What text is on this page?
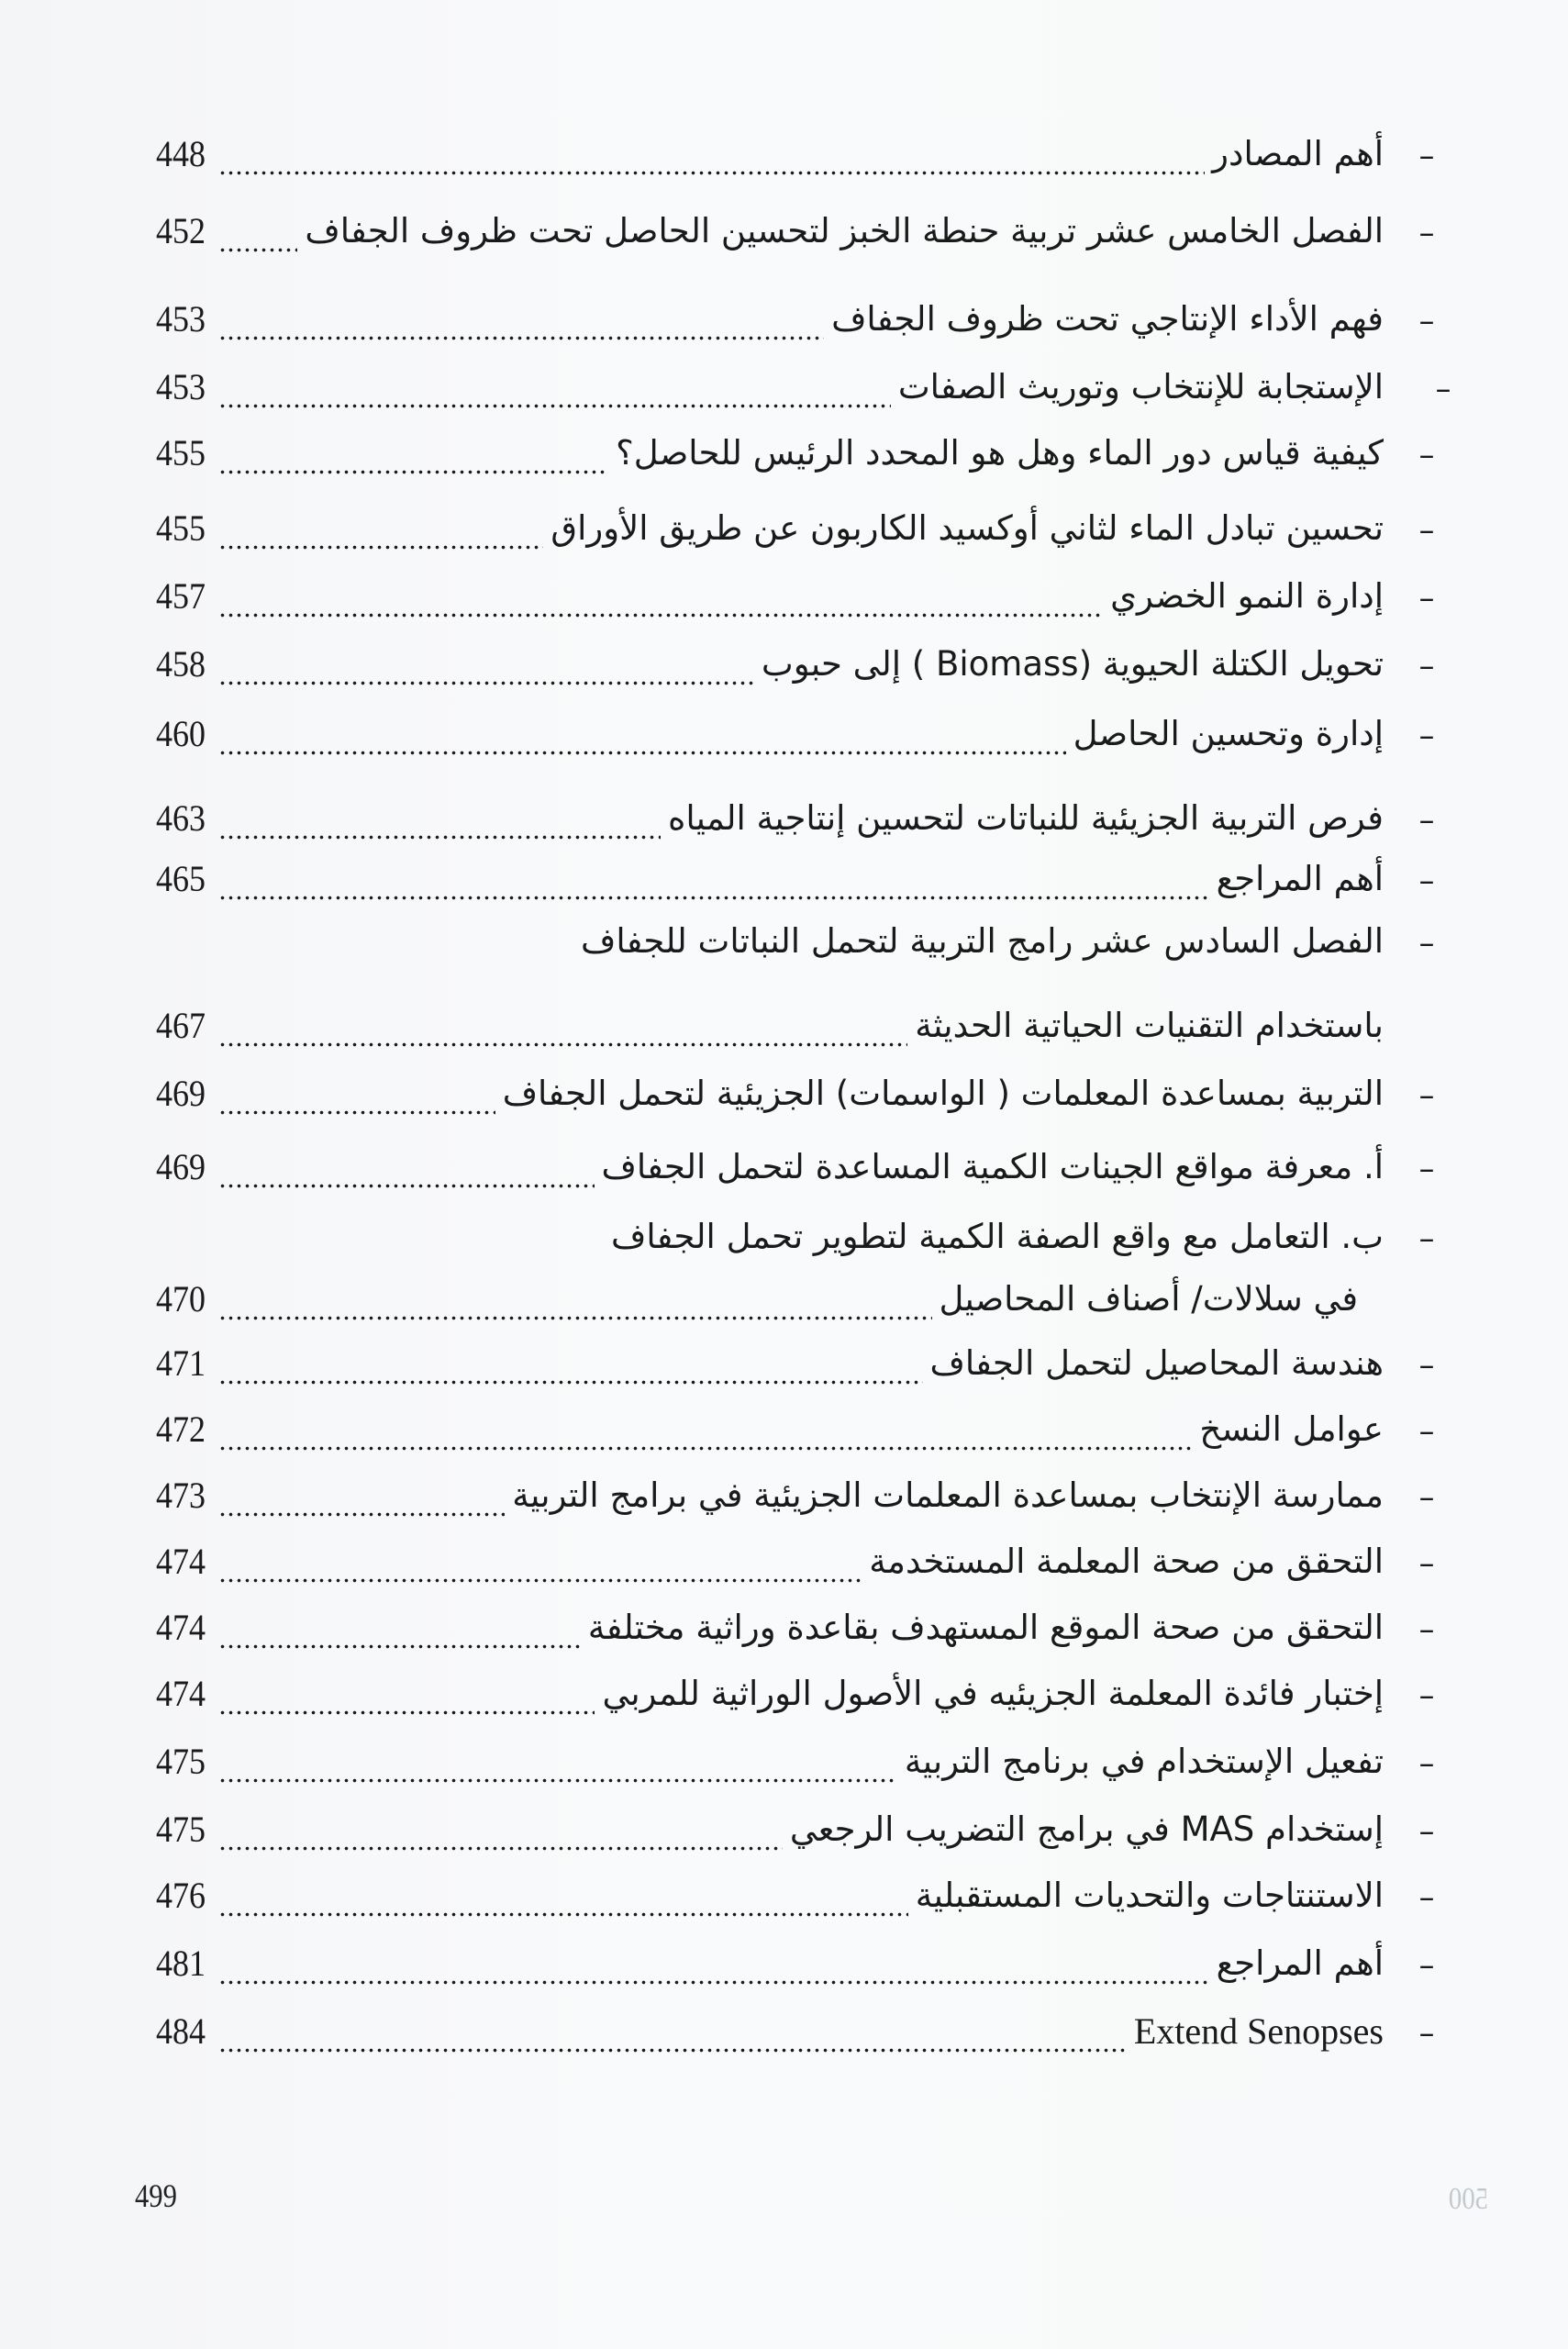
–
أهم المصادر
448
–
الفصل الخامس عشر تربية حنطة الخبز لتحسين الحاصل تحت ظروف الجفاف
452
–
فهم الأداء الإنتاجي تحت ظروف الجفاف
453
–
الإستجابة للإنتخاب وتوريث الصفات
453
–
كيفية قياس دور الماء وهل هو المحدد الرئيس للحاصل؟
455
–
تحسين تبادل الماء لثاني أوكسيد الكاربون عن طريق الأوراق
455
–
إدارة النمو الخضري
457
–
تحويل الكتلة الحيوية (Biomass ) إلى حبوب
458
–
إدارة وتحسين الحاصل
460
–
فرص التربية الجزيئية للنباتات لتحسين إنتاجية المياه
463
–
أهم المراجع
465
–
الفصل السادس عشر رامج التربية لتحمل النباتات للجفاف
باستخدام التقنيات الحياتية الحديثة
467
–
التربية بمساعدة المعلمات ( الواسمات) الجزيئية لتحمل الجفاف
469
–
أ. معرفة مواقع الجينات الكمية المساعدة لتحمل الجفاف
469
–
ب. التعامل مع واقع الصفة الكمية لتطوير تحمل الجفاف
في سلالات/ أصناف المحاصيل
470
–
هندسة المحاصيل لتحمل الجفاف
471
–
عوامل النسخ
472
–
ممارسة الإنتخاب بمساعدة المعلمات الجزيئية في برامج التربية
473
–
التحقق من صحة المعلمة المستخدمة
474
–
التحقق من صحة الموقع المستهدف بقاعدة وراثية مختلفة
474
–
إختبار فائدة المعلمة الجزيئيه في الأصول الوراثية للمربي
474
–
تفعيل الإستخدام في برنامج التربية
475
–
إستخدام MAS في برامج التضريب الرجعي
475
–
الاستنتاجات والتحديات المستقبلية
476
–
أهم المراجع
481
–
Extend Senopses
484
499	500
